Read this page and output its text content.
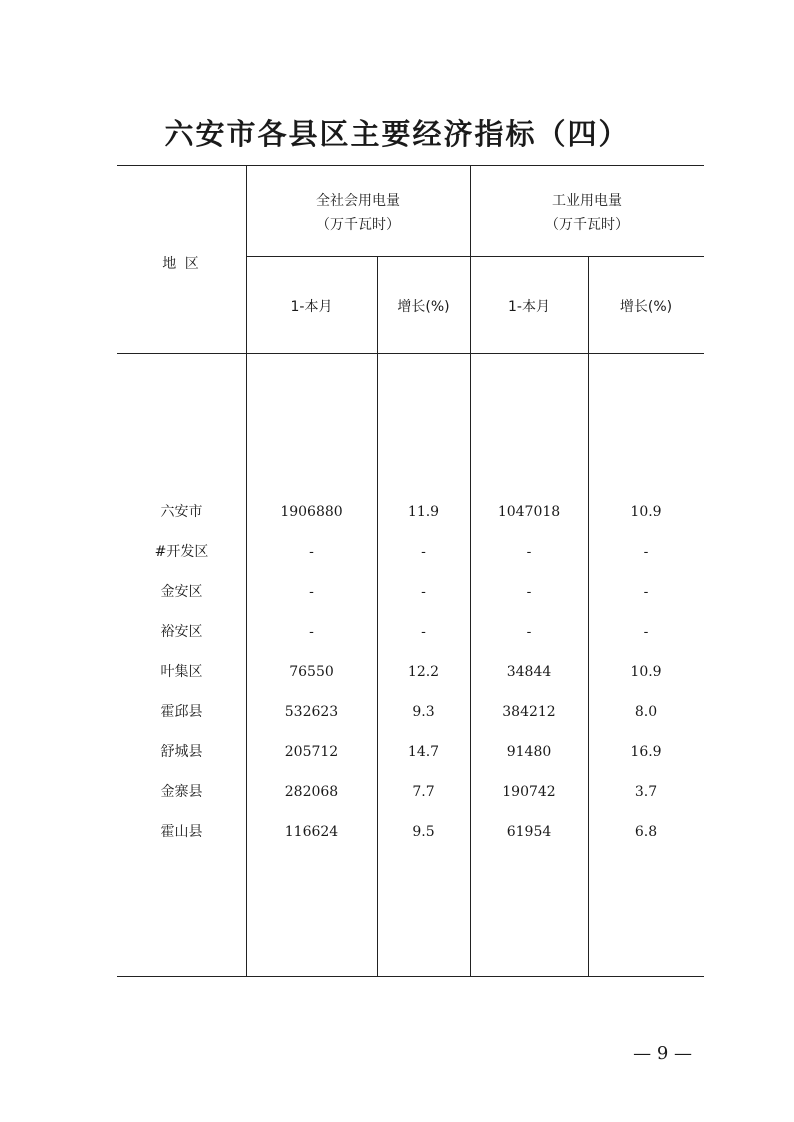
六安市各县区主要经济指标（四）
地 区
全社会用电量
（万千瓦时）
工业用电量
（万千瓦时）
1-本月	增长(%)	1-本月	增长(%)
六安市	1906880	11.9	1047018	10.9
#开发区	-	-	-	-
金安区	-	-	-	-
裕安区	-	-	-	-
叶集区	76550	12.2	34844	10.9
霍邱县	532623	9.3	384212	8.0
舒城县	205712	14.7	91480	16.9
金寨县	282068	7.7	190742	3.7
霍山县	116624	9.5	61954	6.8
— 9 —
